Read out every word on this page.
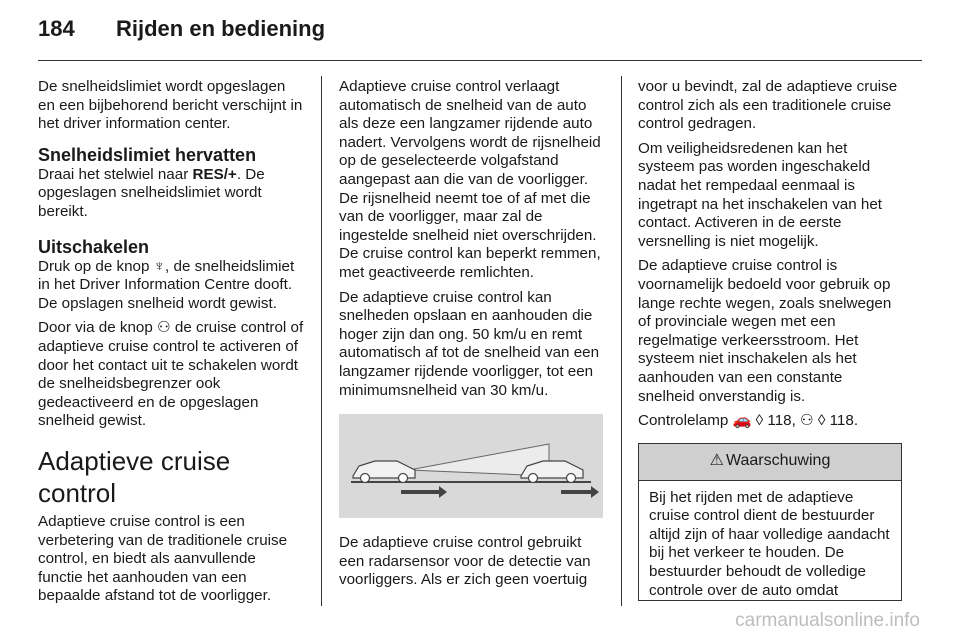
184	Rijden en bediening

De snelheidslimiet wordt opgeslagen en een bijbehorend bericht verschijnt in het driver information center.

Snelheidslimiet hervatten

Draai het stelwiel naar RES/+. De opgeslagen snelheidslimiet wordt bereikt.

Uitschakelen

Druk op de knop ♆, de snelheidslimiet in het Driver Information Centre dooft. De opslagen snelheid wordt gewist.

Door via de knop ⚇ de cruise control of adaptieve cruise control te activeren of door het contact uit te schakelen wordt de snelheidsbegrenzer ook gedeactiveerd en de opgeslagen snelheid gewist.

Adaptieve cruise control

Adaptieve cruise control is een verbetering van de traditionele cruise control, en biedt als aanvullende functie het aanhouden van een bepaalde afstand tot de voorligger.

Adaptieve cruise control verlaagt automatisch de snelheid van de auto als deze een langzamer rijdende auto nadert. Vervolgens wordt de rijsnelheid op de geselecteerde volgafstand aangepast aan die van de voorligger. De rijsnelheid neemt toe of af met die van de voorligger, maar zal de ingestelde snelheid niet overschrijden. De cruise control kan beperkt remmen, met geactiveerde remlichten.

De adaptieve cruise control kan snelheden opslaan en aanhouden die hoger zijn dan ong. 50 km/u en remt automatisch af tot de snelheid van een langzamer rijdende voorligger, tot een minimumsnelheid van 30 km/u.

De adaptieve cruise control gebruikt een radarsensor voor de detectie van voorliggers. Als er zich geen voertuig

voor u bevindt, zal de adaptieve cruise control zich als een traditionele cruise control gedragen.

Om veiligheidsredenen kan het systeem pas worden ingeschakeld nadat het rempedaal eenmaal is ingetrapt na het inschakelen van het contact. Activeren in de eerste versnelling is niet mogelijk.

De adaptieve cruise control is voornamelijk bedoeld voor gebruik op lange rechte wegen, zoals snelwegen of provinciale wegen met een regelmatige verkeersstroom. Het systeem niet inschakelen als het aanhouden van een constante snelheid onverstandig is.

Controlelamp 🚗 ◊ 118, ⚇ ◊ 118.

⚠ Waarschuwing
Bij het rijden met de adaptieve cruise control dient de bestuurder altijd zijn of haar volledige aandacht bij het verkeer te houden. De bestuurder behoudt de volledige controle over de auto omdat
carmanualsonline.info
